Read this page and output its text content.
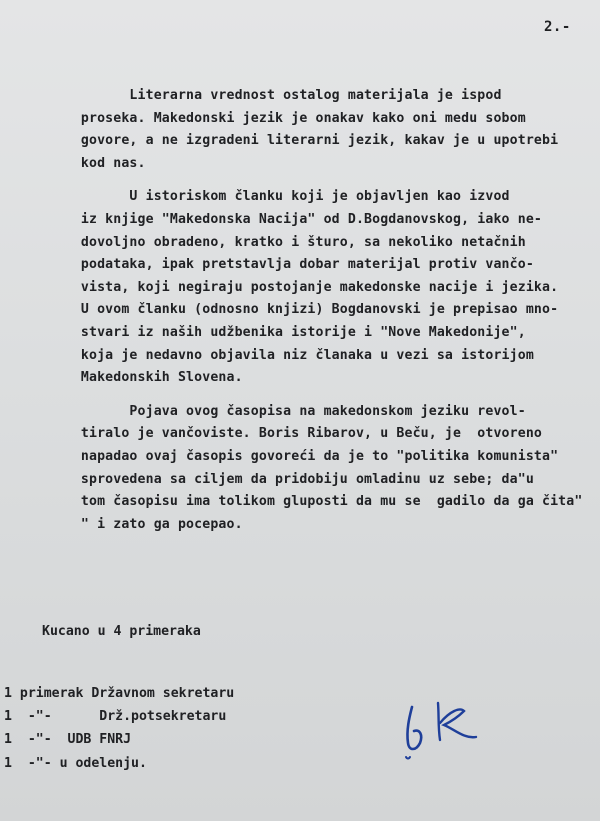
2.-
Literarna vrednost ostalog materijala je ispod
proseka. Makedonski jezik je onakav kako oni medu sobom
govore, a ne izgradeni literarni jezik, kakav je u upotrebi
kod nas.
U istoriskom članku koji je objavljen kao izvod
iz knjige "Makedonska Nacija" od D.Bogdanovskog, iako ne-
dovoljno obradeno, kratko i šturo, sa nekoliko netačnih
podataka, ipak pretstavlja dobar materijal protiv vančo-
vista, koji negiraju postojanje makedonske nacije i jezika.
U ovom članku (odnosno knjizi) Bogdanovski je prepisao mno-
stvari iz naših udžbenika istorije i "Nove Makedonije",
koja je nedavno objavila niz članaka u vezi sa istorijom
Makedonskih Slovena.
Pojava ovog časopisa na makedonskom jeziku revol-
tiralo je vančoviste. Boris Ribarov, u Beču, je  otvoreno
napadao ovaj časopis govoreći da je to "politika komunista"
sprovedena sa ciljem da pridobiju omladinu uz sebe; da"u
tom časopisu ima tolikom gluposti da mu se  gadilo da ga čita"
" i zato ga pocepao.
Kucano u 4 primeraka
1 primerak Državnom sekretaru
1  -"-      Drž.potsekretaru
1  -"-  UDB FNRJ
1  -"- u odelenju.
